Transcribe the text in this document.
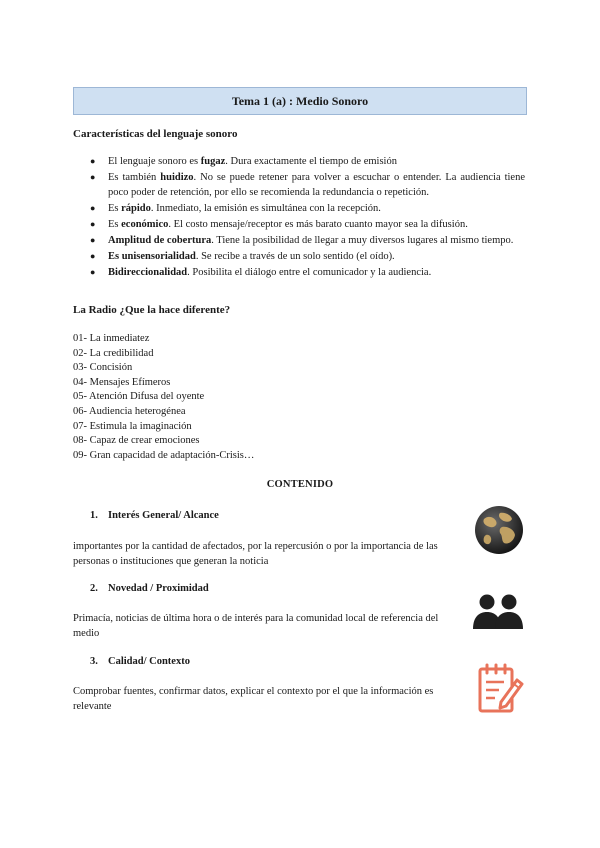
Tema 1 (a) : Medio Sonoro
Características del lenguaje sonoro
● El lenguaje sonoro es fugaz. Dura exactamente el tiempo de emisión
● Es también huidizo. No se puede retener para volver a escuchar o entender. La audiencia tiene poco poder de retención, por ello se recomienda la redundancia o repetición.
● Es rápido. Inmediato, la emisión es simultánea con la recepción.
● Es económico. El costo mensaje/receptor es más barato cuanto mayor sea la difusión.
● Amplitud de cobertura. Tiene la posibilidad de llegar a muy diversos lugares al mismo tiempo.
● Es unisensorialidad. Se recibe a través de un solo sentido (el oído).
● Bidireccionalidad. Posibilita el diálogo entre el comunicador y la audiencia.
La Radio ¿Que la hace diferente?
01- La inmediatez
02- La credibilidad
03- Concisión
04- Mensajes Efímeros
05- Atención Difusa del oyente
06- Audiencia heterogénea
07- Estimula la imaginación
08- Capaz de crear emociones
09- Gran capacidad de adaptación-Crisis…
CONTENIDO
1. Interés General/ Alcance
importantes por la cantidad de afectados, por la repercusión o por la importancia de las personas o instituciones que generan la noticia
2. Novedad / Proximidad
Primacía, noticias de última hora o de interés para la comunidad local de referencia del medio
3. Calidad/ Contexto
Comprobar fuentes, confirmar datos, explicar el contexto por el que la información es relevante
